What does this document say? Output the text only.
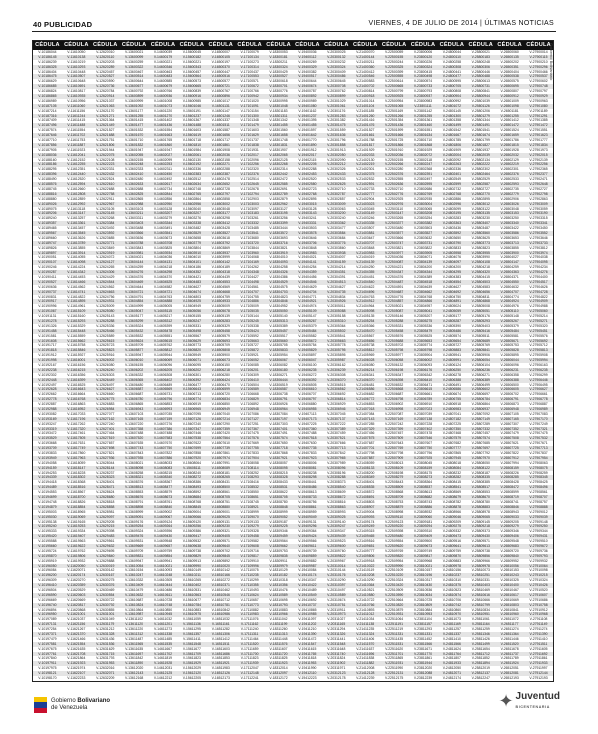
40 PUBLICIDAD	VIERNES, 4 DE JULIO DE 2014 | ÚLTIMAS NOTICIAS
CÉDULA CÉDULA CÉDULA CÉDULA CÉDULA CÉDULA CÉDULA CÉDULA CÉDULA CÉDULA CÉDULA CÉDULA CÉDULA CÉDULA CÉDULA CÉDULA CÉDULA CÉDULA
V-10186044	V-11610050	V-12620010	V-13600021	V-14600039	V-15600045	V-16500007	V-17100079	V-18300053	V-19400036	V-20300025	V-21400070	V-22500059	V-23800006	V-24800044	V-25800021	V-26500060	V-27900014
V-10186145	V-11610138	V-12620110	V-13600099	V-14600179	V-15600182	V-16500105	V-17100134	V-18300181	V-19400112	V-20300132	V-21400144	V-22500155	V-23800120	V-24800110	V-25800183	V-26500135	V-27900115
V-10186239	V-11610219	V-12620203	V-13600259	V-14600221	V-15600221	V-16500197	V-17100273	V-18300211	V-19400269	V-20300232	V-21400211	V-22500244	V-23800226	V-24800258	V-25800248	V-26500202	V-27900210
V-10186325	V-11610293	V-12620289	V-13600322	V-14600346	V-15600343	V-16500370	V-17100314	V-18300324	V-19400329	V-20300324	V-21400360	V-22500325	V-23800324	V-24800308	V-25800306	V-26500351	V-27900296
V-10186404	V-11610448	V-12620457	V-13600467	V-14600463	V-15600457	V-16500447	V-17100437	V-18300429	V-19400382	V-20300409	V-21400412	V-22500399	V-23800415	V-24800441	V-25800446	V-26500404	V-27900466
V-10186475	V-11610507	V-12620527	V-13600514	V-14600483	V-15600564	V-16500516	V-17100553	V-18300527	V-19400517	V-20300486	V-21400546	V-22500555	V-23800498	V-24800477	V-25800488	V-26500538	V-27900537
V-10186629	V-11610648	V-12620590	V-13600644	V-14600585	V-15600573	V-16500577	V-17100571	V-18300618	V-19400644	V-20300645	V-21400583	V-22500614	V-23800574	V-24800595	V-25800613	V-26500575	V-27900602
V-10186685	V-11610691	V-12620736	V-13600677	V-14600679	V-15600665	V-16500721	V-17100672	V-18300701	V-19400674	V-20300708	V-21400702	V-22500665	V-23800733	V-24800705	V-25800731	V-26500695	V-27900748
V-10186824	V-11610817	V-12620784	V-13600792	V-14600766	V-15600839	V-16500767	V-17100766	V-18300776	V-19400787	V-20300762	V-21400814	V-22500799	V-23800793	V-24800808	V-25800841	V-26500807	V-27900797
V-10186865	V-11610935	V-12620914	V-13600899	V-14600936	V-15600916	V-16500896	V-17100942	V-18300934	V-19400892	V-20300899	V-21400918	V-22500925	V-23800937	V-24800904	V-25800944	V-26500912	V-27900929
V-10186989	V-11610956	V-12621037	V-13600999	V-14601008	V-15600985	V-16501017	V-17101020	V-18300995	V-19400989	V-20301029	V-21401014	V-22500954	V-23800983	V-24800992	V-25801039	V-26501009	V-27900963
V-10187105	V-11611060	V-12621063	V-13601092	V-14601073	V-15601046	V-16501131	V-17101091	V-18301048	V-19401080	V-20301061	V-21401104	V-22501065	V-23801111	V-24801072	V-25801126	V-26501098	V-27901080
V-10187214	V-11611156	V-12621170	V-13601177	V-14601220	V-15601191	V-16501147	V-17101154	V-18301183	V-19401162	V-20301176	V-21401185	V-22501169	V-23801142	V-24801145	V-25801206	V-26501181	V-27901189
V-10187316	V-11611244	V-12621271	V-13601255	V-14601270	V-15601237	V-16501246	V-17101300	V-18301311	V-19401237	V-20301283	V-21401260	V-22501266	V-23801255	V-24801300	V-25801279	V-26501255	V-27901291
V-10187409	V-11611415	V-12621364	V-13601415	V-14601402	V-15601367	V-16501337	V-17101348	V-18301342	V-19401395	V-20301382	V-21401416	V-22501354	V-23801361	V-24801358	V-25801344	V-26501412	V-27901385
V-10187496	V-11611488	V-12621449	V-13601477	V-14601436	V-15601488	V-16501511	V-17101479	V-18301455	V-19401455	V-20301475	V-21401476	V-22501436	V-23801460	V-24801499	V-25801491	V-26501472	V-27901472
V-10187574	V-11611554	V-12621527	V-13601532	V-14601554	V-15601603	V-16501587	V-17101603	V-18301560	V-19401597	V-20301559	V-21401527	V-22501599	V-23801551	V-24801542	V-25801541	V-26501524	V-27901551
V-10187646	V-11611702	V-12621688	V-13601670	V-14601663	V-15601619	V-16501656	V-17101629	V-18301658	V-19401642	V-20301636	V-21401661	V-22501666	V-23801634	V-24801667	V-25801674	V-26501659	V-27901623
V-10187710	V-11611753	V-12621751	V-13601710	V-14601765	V-15601718	V-16501717	V-17101737	V-18301748	V-19401770	V-20301796	V-21401788	V-22501725	V-23801710	V-24801785	V-25801799	V-26501786	V-27901777
V-10187856	V-11611887	V-12621806	V-13601832	V-14601860	V-15601810	V-16501861	V-17101838	V-18301831	V-19401890	V-20301858	V-21401817	V-22501866	V-23801868	V-24801806	V-25801827	V-26501815	V-27901834
V-10187905	V-11611923	V-12621944	V-13601947	V-14601947	V-15601984	V-16501908	V-17101931	V-18301907	V-19401912	V-20301913	V-21401929	V-22501910	V-23801929	V-24801909	V-25801937	V-26501928	V-27901973
V-10188036	V-11612041	V-12622075	V-13602055	V-14602027	V-15602061	V-16502036	V-17102017	V-18302065	V-19402017	V-20302050	V-21402033	V-22502036	V-23802072	V-24802004	V-25802039	V-26502032	V-27902015
V-10188160	V-11612152	V-12622108	V-13602155	V-14602099	V-15602130	V-16502158	V-17102096	V-18302125	V-19402115	V-20302090	V-21402130	V-22502155	V-23802118	V-24802092	V-25802134	V-26502129	V-27902139
V-10188186	V-11612255	V-12622223	V-13602248	V-14602253	V-15602192	V-16502271	V-17102256	V-18302268	V-19402205	V-20302212	V-21402219	V-22502266	V-23802247	V-24802263	V-25802222	V-26502219	V-27902256
V-10188295	V-11612351	V-12622331	V-13602333	V-14602311	V-15602336	V-16502288	V-17102320	V-18302314	V-19402288	V-20302326	V-21402301	V-22502280	V-23802368	V-24802336	V-25802302	V-26502301	V-27902365
V-10188396	V-11612440	V-12622432	V-13602410	V-14602450	V-15602383	V-16502387	V-17102376	V-18302442	V-19402453	V-20302433	V-21402375	V-22502376	V-23802391	V-24802401	V-25802464	V-26502376	V-27902377
V-10188490	V-11612520	V-12622524	V-13602480	V-14602492	V-15602512	V-16502478	V-17102514	V-18302472	V-19402520	V-20302533	V-21402532	V-22502555	V-23802497	V-24802549	V-25802529	V-26502533	V-27902471
V-10188576	V-11612594	V-12622610	V-13602633	V-14602617	V-15602634	V-16502652	V-17102645	V-18302585	V-19402580	V-20302625	V-21402591	V-22502636	V-23802595	V-24802599	V-25802587	V-26502593	V-27902648
V-10188745	V-11612660	V-12622688	V-13602688	V-14602734	V-15602748	V-16502728	V-17102678	V-18302691	V-19402723	V-20302710	V-21402733	V-22502710	V-23802686	V-24802732	V-25802727	V-26502735	V-27902727
V-10188816	V-11612808	V-12622758	V-13602825	V-14602844	V-15602765	V-16502797	V-17102794	V-18302789	V-19402768	V-20302787	V-21402777	V-22502776	V-23802769	V-24802768	V-25802770	V-26502779	V-27902798
V-10188880	V-11612859	V-12622911	V-13602865	V-14602856	V-15602864	V-16502858	V-17102903	V-18302879	V-19402895	V-20302857	V-21402904	V-22502925	V-23802935	V-24802886	V-25802895	V-26502906	V-27902863
V-10189026	V-11612992	V-12622967	V-13602988	V-14602950	V-15602956	V-16503002	V-17103003	V-18302962	V-19403015	V-20303009	V-21403023	V-22502976	V-23803004	V-24802996	V-25803012	V-26503026	V-27903009
V-10189075	V-11613118	V-12623105	V-13603103	V-14603128	V-15603040	V-16503048	V-17103097	V-18303127	V-19403128	V-20303063	V-21403045	V-22503110	V-23803065	V-24803099	V-25803122	V-26503048	V-27903059
V-10189206	V-11613147	V-12623145	V-13603211	V-14603207	V-15603207	V-16503177	V-17103183	V-18303195	V-19403143	V-20303200	V-21403149	V-22503147	V-23803208	V-24803195	V-25803135	V-26503153	V-27903190
V-10189240	V-11613257	V-12623268	V-13603311	V-14603279	V-15603276	V-16503298	V-17103261	V-18303256	V-19403241	V-20303240	V-21403246	V-22503265	V-23803254	V-24803283	V-25803230	V-26503250	V-27903315
V-10189357	V-11613361	V-12623384	V-13603403	V-14603344	V-15603338	V-16503412	V-17103332	V-18303399	V-19403331	V-20303362	V-21403335	V-22503377	V-23803382	V-24803363	V-25803407	V-26503340	V-27903341
V-10189465	V-11613457	V-12623492	V-13603488	V-14603491	V-15603482	V-16503428	V-17103485	V-18303444	V-19403503	V-20303477	V-21403507	V-22503480	V-23803503	V-24803436	V-25803487	V-26503422	V-27903450
V-10189567	V-11613545	V-12623592	V-13603566	V-14603541	V-15603529	V-16503527	V-17103541	V-18303572	V-19403578	V-20303584	V-21403581	V-22503577	V-23803527	V-24803592	V-25803560	V-26503586	V-27903552
V-10189660	V-11613626	V-12623685	V-13603636	V-14603673	V-15603658	V-16503618	V-17103680	V-18303693	V-19403646	V-20303684	V-21403647	V-22503666	V-23803632	V-24803650	V-25803625	V-26503653	V-27903646
V-10189747	V-11613789	V-12623771	V-13603788	V-14603708	V-15603779	V-16503792	V-17103720	V-18303716	V-19403706	V-20303776	V-21403707	V-22503747	V-23803731	V-24803790	V-25803773	V-26503713	V-27903733
V-10189826	V-11613855	V-12623849	V-13603843	V-14603825	V-15603804	V-16503869	V-17103844	V-18303821	V-19403848	V-20303860	V-21403848	V-22503821	V-23803822	V-24803833	V-25803823	V-26503855	V-27903812
V-10189897	V-11613914	V-12623919	V-13603981	V-14603934	V-15603910	V-16503937	V-17103960	V-18303919	V-19403983	V-20303938	V-21403983	V-22503977	V-23803905	V-24803958	V-25803955	V-26503900	V-27903974
V-10190051	V-11614055	V-12624072	V-13604021	V-14604036	V-15604010	V-16503999	V-17104068	V-18304010	V-19404021	V-20304007	V-21404019	V-22504036	V-23804071	V-24804076	V-25803990	V-26504027	V-27904038
V-10190107	V-11614098	V-12624127	V-13604144	V-14604131	V-15604101	V-16504142	V-17104169	V-18304093	V-19404141	V-20304159	V-21404139	V-22504087	V-23804139	V-24804097	V-25804108	V-26504147	V-27904095
V-10190246	V-11614224	V-12624265	V-13604259	V-14604218	V-15604186	V-16504189	V-17104262	V-18304258	V-19404254	V-20304214	V-21404250	V-22504221	V-23804200	V-24804200	V-25804218	V-26504259	V-27904234
V-10190287	V-11614342	V-12624306	V-13604276	V-14604298	V-15604352	V-16504318	V-17104348	V-18304326	V-19404359	V-20304351	V-21404355	V-22504347	V-23804344	V-24804295	V-25804320	V-26504363	V-27904276
V-10190411	V-11614453	V-12624429	V-13604376	V-14604370	V-15604421	V-16504439	V-17104427	V-18304386	V-19404456	V-20304391	V-21404451	V-22504376	V-23804389	V-24804383	V-25804415	V-26504371	V-27904400
V-10190527	V-11614466	V-12624544	V-13604469	V-14604525	V-15604483	V-16504553	V-17104498	V-18304529	V-19404546	V-20304513	V-21404540	V-22504487	V-23804518	V-24804554	V-25804503	V-26504550	V-27904517
V-10190636	V-11614562	V-12624562	V-13604644	V-14604582	V-15604627	V-16504569	V-17104561	V-18304575	V-19404629	V-20304627	V-21404622	V-22504591	V-23804639	V-24804627	V-25804583	V-26504632	V-27904626
V-10190737	V-11614741	V-12624663	V-13604721	V-14604721	V-15604674	V-16504668	V-17104707	V-18304703	V-19404704	V-20304735	V-21404696	V-22504687	V-23804662	V-24804692	V-25804656	V-26504707	V-27904728
V-10190831	V-11614822	V-12624756	V-13604791	V-14604763	V-15604803	V-16504759	V-17104755	V-18304823	V-19404771	V-20304834	V-21404763	V-22504776	V-23804768	V-24804750	V-25804811	V-26504774	V-27904822
V-10190917	V-11614895	V-12624931	V-13604854	V-14604888	V-15604925	V-16504933	V-17104886	V-18304846	V-19404921	V-20304926	V-21404912	V-22504857	V-23804866	V-24804891	V-25804868	V-26504924	V-27904909
V-10190996	V-11614961	V-12625009	V-13604999	V-14605005	V-15604949	V-16505009	V-17105009	V-18304952	V-19404974	V-20305011	V-21404964	V-22505021	V-23804957	V-24805024	V-25805008	V-26504976	V-27904988
V-10191067	V-11615109	V-12625080	V-13605047	V-14605115	V-15605056	V-16505078	V-17105035	V-18305050	V-19405109	V-20305088	V-21405098	V-22505087	V-23805041	V-24805059	V-25805051	V-26505110	V-27905060
V-10191131	V-11615160	V-12625143	V-13605177	V-14605217	V-15605155	V-16505139	V-17105144	V-18305140	V-19405147	V-20305158	V-21405135	V-22505146	V-23805207	V-24805177	V-25805176	V-26505148	V-27905214
V-10191278	V-11615293	V-12625288	V-13605299	V-14605312	V-15605247	V-16505283	V-17105245	V-18305313	V-19405267	V-20305310	V-21405254	V-22505288	V-23805275	V-24805287	V-25805293	V-26505267	V-27905271
V-10191326	V-11615329	V-12625336	V-13605324	V-14605399	V-15605331	V-16505329	V-17105338	V-18305389	V-19405379	V-20305364	V-21405366	V-22505331	V-23805336	V-24805390	V-25805403	V-26505379	V-27905320
V-10191458	V-11615448	V-12625466	V-13605432	V-14605478	V-15605498	V-16505458	V-17105424	V-18305457	V-19405484	V-20305502	V-21405470	V-22505458	V-23805479	V-24805486	V-25805416	V-26505484	V-27905451
V-10191581	V-11615559	V-12625589	V-13605532	V-14605551	V-15605567	V-16505579	V-17105592	V-18305517	V-19405582	V-20305541	V-21405567	V-22505576	V-23805525	V-24805574	V-25805511	V-26505581	V-27905576
V-10191608	V-11615662	V-12625615	V-13605624	V-14605615	V-15605629	V-16505693	V-17105663	V-18305660	V-19405672	V-20305663	V-21405656	V-22505688	V-23805653	V-24805654	V-25805689	V-26505671	V-27905692
V-10191717	V-11615758	V-12625723	V-13605709	V-14605762	V-15605773	V-16505709	V-17105727	V-18305705	V-19405754	V-20305778	V-21405738	V-22505702	V-23805774	V-24805727	V-25805769	V-26505753	V-27905712
V-10191818	V-11615846	V-12625823	V-13605877	V-14605812	V-15605820	V-16505808	V-17105872	V-18305833	V-19405829	V-20305795	V-21405812	V-22505798	V-23805798	V-24805883	V-25805841	V-26505828	V-27905813
V-10191912	V-11615927	V-12625916	V-13605947	V-14605944	V-15605949	V-16505900	V-17105921	V-18305954	V-19405897	V-20305895	V-21405969	V-22505977	V-23805904	V-24805941	V-25805906	V-26505895	V-27905908
V-10191998	V-11616001	V-12626002	V-13606010	V-14606069	V-15606071	V-16506073	V-17106052	V-18306067	V-19406047	V-20305987	V-21406028	V-22506058	V-23806002	V-24805991	V-25806054	V-26506044	V-27905994
V-10192167	V-11616156	V-12626080	V-13606155	V-14606096	V-15606095	V-16506150	V-17106085	V-18306082	V-19406100	V-20306162	V-21406080	V-22506132	V-23806093	V-24806124	V-25806104	V-26506096	V-27906163
V-10192238	V-11616215	V-12626240	V-13606202	V-14606205	V-15606202	V-16506218	V-17106201	V-18306180	V-19406235	V-20306239	V-21406214	V-22506198	V-23806176	V-24806250	V-25806236	V-26506231	V-27906235
V-10192302	V-11616356	V-12626303	V-13606332	V-14606308	V-15606301	V-16506280	V-17106309	V-18306271	V-19406272	V-20306308	V-21406341	V-22506347	V-23806342	V-24806278	V-25806271	V-26506358	V-27906299
V-10192448	V-11616399	V-12626449	V-13606365	V-14606402	V-15606392	V-16506424	V-17106410	V-18306444	V-19406392	V-20306370	V-21406370	V-22506398	V-23806410	V-24806388	V-25806389	V-26506388	V-27906446
V-10192497	V-11616525	V-12626497	V-13606480	V-14606489	V-15606477	V-16506470	V-17106504	V-18306519	V-19406505	V-20306515	V-21406481	V-22506532	V-23806471	V-24806491	V-25806499	V-26506500	V-27906495
V-10192628	V-11616643	V-12626627	V-13606587	V-14606569	V-15606643	V-16506599	V-17106589	V-18306587	V-19406610	V-20306562	V-21406586	V-22506568	V-23806615	V-24806586	V-25806602	V-26506605	V-27906627
V-10192662	V-11616664	V-12626660	V-13606687	V-14606731	V-15606713	V-16506720	V-17106668	V-18306738	V-19406707	V-20306692	V-21406682	V-22506687	V-23806661	V-24806674	V-25806697	V-26506702	V-27906661
V-10192778	V-11616768	V-12626775	V-13606780	V-14606796	V-15606774	V-16506834	V-17106829	V-18306791	V-19406797	V-20306814	V-21406772	V-22506798	V-23806789	V-24806755	V-25806784	V-26506791	V-27906778
V-10192887	V-11616863	V-12626883	V-13606865	V-14606853	V-15606919	V-16506850	V-17106892	V-18306926	V-19406880	V-20306929	V-21406853	V-22506902	V-23806910	V-24806918	V-25806864	V-26506873	V-27906887
V-10192988	V-11616952	V-12626984	V-13606943	V-14606993	V-15606965	V-16506949	V-17106948	V-18306964	V-19406955	V-20306946	V-21407018	V-22506998	V-23807023	V-24806983	V-25806937	V-26506948	V-27906989
V-10193082	V-11617033	V-12627077	V-13607103	V-14607035	V-15607095	V-16507040	V-17107086	V-18307084	V-19407113	V-20307045	V-21407084	V-22507087	V-23807039	V-24807041	V-25807092	V-26507105	V-27907083
V-10193169	V-11617196	V-12627162	V-13607165	V-14607159	V-15607126	V-16507214	V-17107127	V-18307197	V-19407173	V-20307137	V-21407143	V-22507169	V-23807138	V-24807182	V-25807149	V-26507165	V-27907170
V-10193247	V-11617262	V-12627240	V-13607220	V-14607276	V-15607240	V-16507290	V-17107251	V-18307303	V-19407225	V-20307222	V-21407285	V-22507242	V-23807228	V-24807225	V-25807289	V-26507307	V-27907249
V-10193319	V-11617320	V-12627401	V-13607358	V-14607386	V-15607347	V-16507359	V-17107367	V-18307401	V-19407360	V-20307389	V-21407329	V-22507399	V-23807402	V-24807350	V-25807332	V-26507352	V-27907321
V-10193472	V-11617461	V-12627464	V-13607488	V-14607488	V-15607446	V-16507420	V-17107475	V-18307491	V-19407488	V-20307459	V-21407456	V-22507457	V-23807478	V-24807468	V-25807457	V-26507479	V-27907475
V-10193529	V-11617505	V-12627519	V-13607520	V-14607583	V-15607538	V-16507564	V-17107576	V-18307574	V-19407518	V-20307521	V-21407575	V-22507509	V-23807546	V-24807579	V-25807574	V-26507508	V-27907532
V-10193668	V-11617631	V-12627657	V-13607635	V-14607670	V-15607622	V-16507610	V-17107669	V-18307650	V-19407630	V-20307666	V-21407687	V-22507643	V-23807607	V-24807682	V-25807685	V-26507621	V-27907671
V-10193709	V-11617749	V-12627698	V-13607743	V-14607750	V-15607699	V-16507739	V-17107755	V-18307718	V-19407735	V-20307713	V-21407701	V-22507769	V-23807750	V-24807777	V-25807697	V-26507725	V-27907713
V-10193833	V-11617860	V-12627821	V-13607843	V-14607822	V-15607858	V-16507861	V-17107833	V-18307868	V-19407833	V-20307842	V-21407798	V-22507798	V-23807796	V-24807865	V-25807792	V-26507822	V-27907837
V-10193949	V-11617963	V-12627936	V-13607935	V-14607886	V-15607920	V-16507974	V-17107904	V-18307921	V-19407923	V-20307965	V-21407887	V-22507909	V-23807925	V-24807945	V-25807970	V-26507912	V-27907954
V-10194058	V-11618059	V-12628044	V-13608021	V-14608033	V-15608064	V-16507991	V-17108058	V-18308057	V-19408006	V-20307989	V-21408059	V-22508013	V-23808045	V-24808018	V-25808050	V-26507994	V-27908063
V-10194159	V-11618147	V-12628144	V-13608098	V-14608083	V-15608111	V-16508089	V-17108114	V-18308095	V-19408081	V-20308096	V-21408133	V-22508109	V-23808159	V-24808084	V-25808122	V-26508159	V-27908075
V-10194253	V-11618228	V-12628237	V-13608258	V-14608215	V-15608240	V-16508181	V-17108252	V-18308215	V-19408238	V-20308196	V-21408200	V-22508198	V-23808175	V-24808232	V-25808187	V-26508226	V-27908259
V-10194339	V-11618302	V-12628323	V-13608321	V-14608340	V-15608272	V-16508265	V-17108293	V-18308328	V-19408298	V-20308288	V-21408349	V-22508279	V-23808273	V-24808282	V-25808335	V-26508285	V-27908345
V-10194418	V-11618368	V-12628401	V-13608376	V-14608367	V-15608386	V-16508431	V-17108416	V-18308433	V-19408441	V-20308373	V-21408401	V-22508443	V-23808364	V-24808415	V-25808385	V-26508428	V-27908425
V-10194489	V-11618516	V-12628471	V-13608513	V-14608477	V-15608493	V-16508500	V-17108532	V-18308531	V-19408486	V-20308540	V-21408535	V-22508509	V-23808537	V-24808541	V-25808517	V-26508472	V-27908496
V-10194553	V-11618567	V-12628624	V-13608553	V-14608579	V-15608592	V-16508561	V-17108550	V-18308622	V-19408613	V-20308609	V-21408572	V-22508568	V-23808613	V-24808569	V-25808553	V-26508599	V-27908561
V-10194699	V-11618700	V-12628680	V-13608676	V-14608673	V-15608684	V-16508705	V-17108651	V-18308705	V-19408733	V-20308672	V-21408691	V-22508709	V-23808682	V-24808679	V-25808670	V-26508719	V-27908707
V-10194748	V-11618826	V-12628818	V-13608791	V-14608761	V-15608768	V-16508751	V-17108745	V-18308780	V-19408756	V-20308816	V-21408803	V-22508753	V-23808743	V-24808782	V-25808780	V-26508741	V-27908757
V-10194879	V-11618854	V-12628858	V-13608898	V-14608840	V-15608845	V-16508880	V-17108921	V-18308848	V-19408861	V-20308863	V-21408907	V-22508879	V-23808886	V-24808878	V-25808883	V-26508846	V-27908888
V-10195003	V-11618965	V-12628981	V-13608999	V-14609002	V-15609004	V-16509001	V-17108999	V-18308999	V-19408959	V-20308993	V-21409004	V-22508998	V-23808932	V-24808966	V-25808978	V-26508943	V-27909012
V-10195030	V-11619069	V-12629097	V-13609091	V-14609067	V-15609066	V-16509025	V-17109070	V-18309052	V-19409049	V-20309025	V-21409093	V-22509110	V-23809060	V-24809046	V-25809065	V-26509033	V-27909039
V-10195138	V-11619165	V-12629205	V-13609176	V-14609124	V-15609120	V-16509131	V-17109133	V-18309187	V-19409131	V-20309140	V-21409174	V-22509123	V-23809181	V-24809209	V-25809145	V-26509205	V-27909148
V-10195240	V-11619253	V-12629215	V-13609254	V-14609264	V-15609256	V-16509230	V-17109279	V-18309225	V-19409296	V-20309247	V-21409249	V-22509220	V-23809294	V-24809275	V-25809218	V-26509279	V-27909250
V-10195333	V-11619334	V-12629398	V-13609324	V-14609396	V-15609386	V-16509321	V-17109328	V-18309346	V-19409364	V-20309347	V-21409315	V-22509398	V-23809310	V-24809332	V-25809373	V-26509346	V-27909344
V-10195420	V-11619407	V-12629483	V-13609476	V-14609430	V-15609417	V-16509405	V-17109458	V-18309459	V-19409424	V-20309439	V-21409465	V-22509480	V-23809409	V-24809473	V-25809430	V-26509406	V-27909431
V-10195588	V-11619563	V-12629561	V-13609531	V-14609548	V-15609532	V-16509571	V-17109582	V-18309564	V-19409566	V-20309523	V-21409516	V-22509554	V-23809500	V-24809516	V-25809571	V-26509548	V-27909510
V-10195660	V-11619622	V-12629632	V-13609669	V-14609657	V-15609638	V-16509640	V-17109608	V-18309662	V-19409611	V-20309600	V-21409651	V-22509620	V-23809673	V-24809641	V-25809613	V-26509683	V-27909672
V-10195724	V-11619762	V-12629695	V-13609709	V-14609759	V-15609738	V-16509702	V-17109716	V-18309753	V-19409739	V-20309760	V-21409777	V-22509769	V-23809749	V-24809759	V-25809738	V-26509720	V-27909736
V-10195870	V-11619806	V-12629840	V-13609831	V-14609854	V-15609829	V-16509845	V-17109817	V-18309835	V-19409859	V-20309822	V-21409806	V-22509820	V-23809817	V-24809870	V-25809856	V-26509840	V-27909793
V-10195919	V-11619932	V-12629888	V-13609947	V-14609941	V-15609913	V-16509892	V-17109910	V-18309911	V-19409882	V-20309967	V-21409918	V-22509954	V-23809968	V-24809883	V-25809966	V-26509952	V-27909932
V-10196050	V-11620050	V-12630019	V-13610054	V-14610021	V-15609990	V-16510020	V-17109996	V-18309979	V-19409987	V-20310014	V-21410022	V-22509990	V-23810021	V-24809978	V-25809978	V-26510056	V-27910064
V-10196084	V-11620071	V-12630142	V-13610154	V-14610093	V-15610149	V-16510142	V-17110075	V-18310129	V-19410084	V-20310144	V-21410119	V-22510109	V-23810157	V-24810156	V-25810073	V-26510153	V-27910098
V-10196200	V-11620174	V-12630167	V-13610247	V-14610248	V-15610211	V-16510166	V-17110235	V-18310182	V-19410174	V-20310176	V-21410208	V-22510220	V-23810196	V-24810237	V-25810251	V-26510243	V-27910215
V-10196309	V-11620270	V-12630275	V-13610332	V-14610305	V-15610265	V-16510272	V-17110299	V-18310318	V-19410347	V-20310290	V-21410290	V-22510324	V-23810317	V-24810310	V-25810331	V-26510325	V-27910324
V-10196410	V-11620359	V-12630376	V-13610409	V-14610444	V-15610402	V-16510371	V-17110355	V-18310356	V-19410422	V-20310397	V-21410364	V-22510420	V-23810430	V-24810375	V-25810403	V-26510400	V-27910426
V-10196504	V-11620529	V-12630469	V-13610479	V-14610486	V-15610531	V-16510462	V-17110493	V-18310476	V-19410489	V-20310497	V-21410521	V-22510509	V-23810536	V-24810523	V-25810469	V-26510467	V-27910520
V-10196590	V-11620603	V-12630554	V-13610632	V-14610611	V-15610563	V-16510546	V-17110624	V-18310589	V-19410549	V-20310589	V-21410580	V-22510590	V-23810634	V-24810574	V-25810616	V-26510617	V-27910607
V-10196669	V-11620669	V-12630722	V-13610687	V-14610728	V-15610677	V-16510712	V-17110657	V-18310695	V-19410692	V-20310674	V-21410722	V-22510664	V-23810725	V-24810706	V-25810666	V-26510669	V-27910686
V-10196740	V-11620817	V-12630792	V-13610824	V-14610748	V-15610784	V-16510781	V-17110773	V-18310793	V-19410737	V-20310751	V-21410766	V-22510820	V-23810809	V-24810742	V-25810799	V-26510803	V-27910758
V-10196894	V-11620868	V-12630855	V-13610864	V-14610850	V-15610883	V-16510842	V-17110882	V-18310883	V-19410865	V-20310911	V-21410893	V-22510879	V-23810884	V-24810860	V-25810834	V-26510841	V-27910912
V-10196950	V-11621001	V-12631001	V-13610987	V-14610945	V-15610975	V-16510986	V-17110983	V-18310966	V-19410985	V-20310973	V-21411012	V-22510931	V-23810953	V-24810970	V-25810951	V-26510960	V-27910968
V-10197089	V-11621037	V-12631049	V-13611102	V-14611032	V-15611059	V-16511032	V-17111076	V-18311042	V-19411097	V-20311027	V-21411034	V-22511064	V-23811104	V-24811073	V-25811061	V-26511072	V-27911108
V-10197131	V-11621156	V-12631179	V-13611120	V-14611201	V-15611136	V-16511161	V-17111162	V-18311199	V-19411202	V-20311165	V-21411138	V-22511191	V-23811157	V-24811169	V-25811164	V-26511177	V-27911149
V-10197254	V-11621267	V-12631212	V-13611220	V-14611273	V-15611295	V-16511282	V-17111240	V-18311260	V-19411210	V-20311294	V-21411235	V-22511219	V-23811293	V-24811257	V-25811259	V-26511274	V-27911274
V-10197371	V-11621370	V-12631328	V-13611312	V-14611338	V-15611357	V-16511306	V-17111311	V-18311313	V-19411390	V-20311326	V-21411324	V-22511331	V-23811331	V-24811337	V-25811346	V-26511364	V-27911390
V-10197479	V-11621466	V-12631436	V-13611487	V-14611485	V-15611411	V-16511412	V-17111464	V-18311448	V-19411472	V-20311441	V-21411406	V-22511435	V-23811452	V-24811410	V-25811426	V-26511446	V-27911410
V-10197581	V-11621554	V-12631536	V-13611565	V-14611535	V-15611548	V-16511511	V-17111520	V-18311576	V-19411547	V-20311548	V-21411570	V-22511531	V-23811566	V-24811566	V-25811499	V-26511520	V-27911511
V-10197675	V-11621635	V-12631629	V-13611635	V-14611667	V-15611677	V-16511603	V-17111659	V-18311607	V-19411615	V-20311648	V-21411637	V-22511620	V-23811671	V-24811624	V-25811654	V-26511678	V-27911605
V-10197761	V-11621708	V-12631715	V-13611697	V-14611702	V-15611709	V-16511686	V-17111700	V-18311720	V-19411765	V-20311740	V-21411696	V-22511701	V-23811770	V-24811764	V-25811712	V-26511737	V-27911692
V-10197840	V-11621864	V-12631793	V-13611842	V-14611819	V-15611823	V-16511853	V-17111823	V-18311825	V-19411818	V-20311824	V-21411838	V-22511865	V-23811861	V-24811807	V-25811852	V-26511789	V-27911861
V-10197911	V-11621923	V-12631953	V-13611890	V-14611928	V-15611929	V-16511921	V-17111939	V-18311923	V-19411953	V-20311902	V-21411882	V-22511931	V-23811944	V-24811933	V-25811894	V-26511924	V-27911933
V-10197975	V-11621974	V-12632016	V-13612020	V-14612031	V-15612029	V-16511983	V-17112047	V-18312014	V-19411990	V-20311971	V-21412008	V-22511990	V-23812020	V-24812050	V-25812019	V-26512051	V-27911997
V-10198121	V-11622107	V-12632071	V-13612143	V-14612125	V-15612120	V-16512126	V-17112148	V-18312097	V-19412110	V-20312123	V-21412128	V-22512131	V-23812088	V-24812071	V-25812137	V-26512081	V-27912144
V-10198170	V-11622233	V-12632209	V-13612168	V-14612212	V-15612205	V-16512173	V-17112241	V-18312172	V-19412223	V-20312178	V-21412239	V-22512175	V-23812239	V-24812174	V-25812247	V-26512193	V-27912193
Gobierno Bolivariano
Gobierno Bolivariano
de Venezuela	✦ Juventud
BICENTENARIA
